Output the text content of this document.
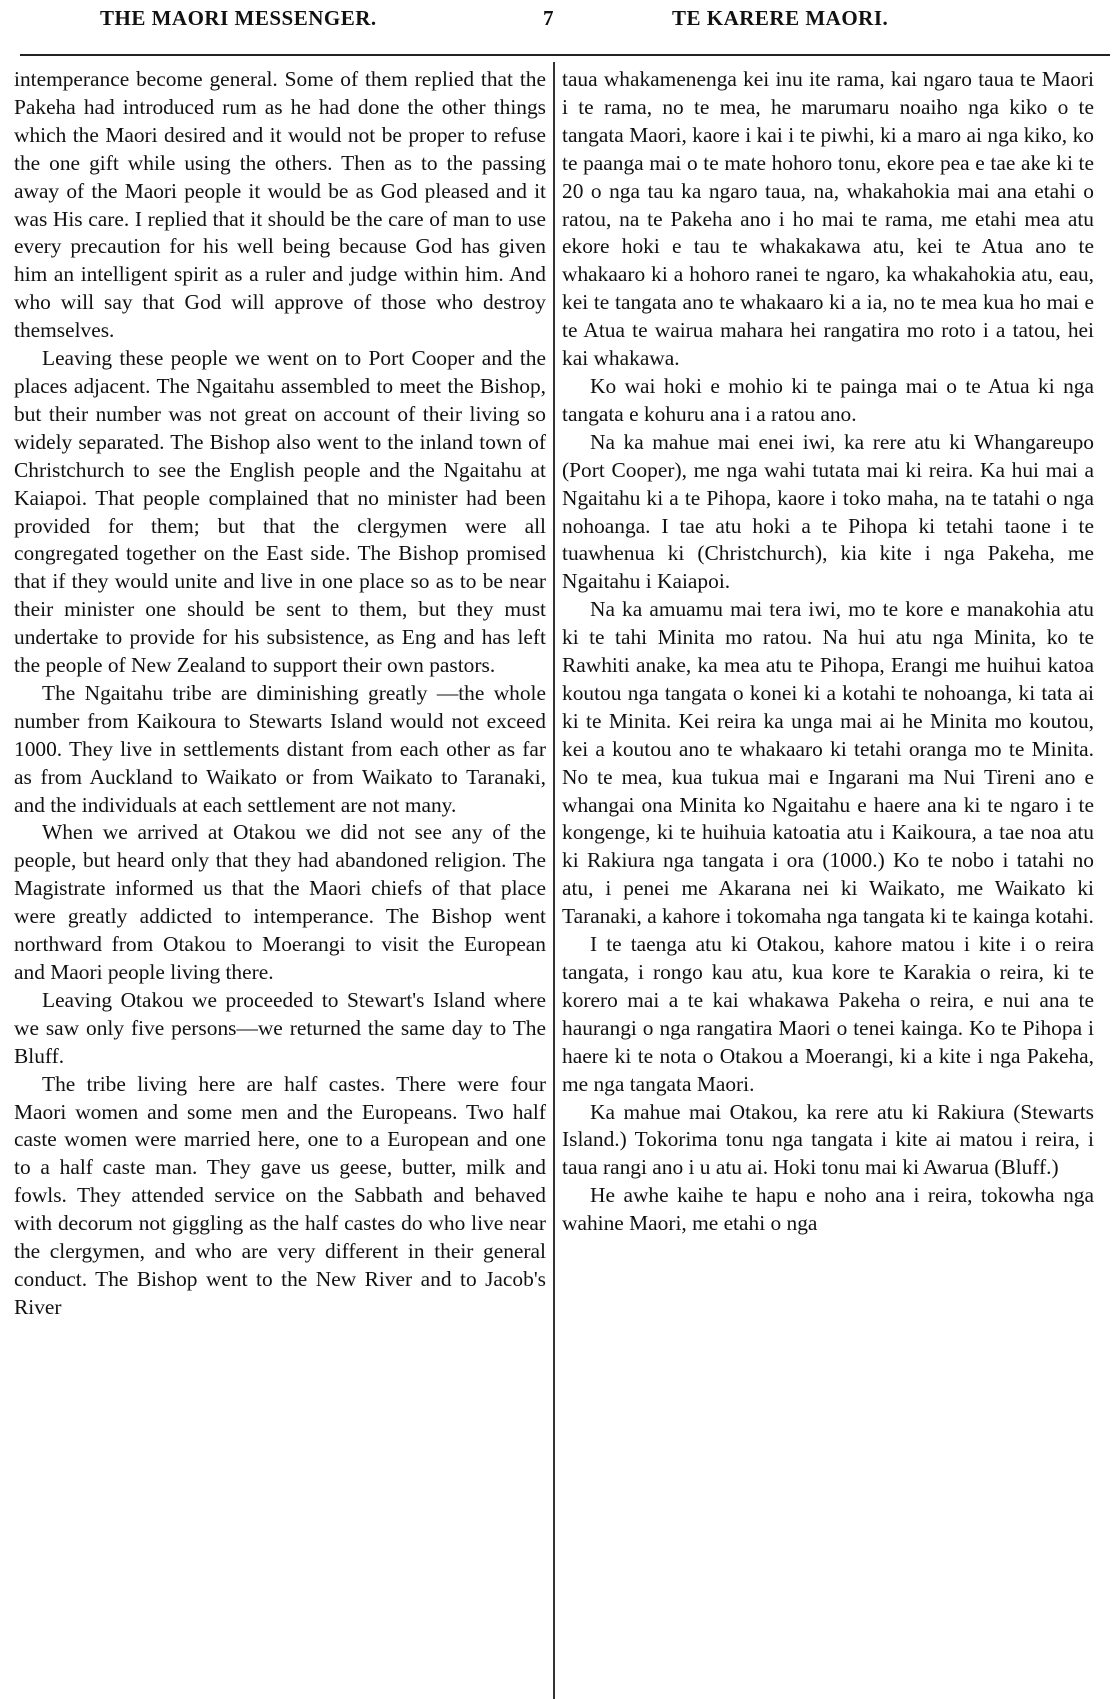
THE MAORI MESSENGER.	7	TE KARERE MAORI.

intemperance become general. Some of them replied that the Pakeha had introduced rum as he had done the other things which the Maori desired and it would not be proper to refuse the one gift while using the others. Then as to the passing away of the Maori people it would be as God pleased and it was His care. I replied that it should be the care of man to use every precaution for his well being because God has given him an intelligent spirit as a ruler and judge within him. And who will say that God will approve of those who destroy themselves.

Leaving these people we went on to Port Cooper and the places adjacent. The Ngaitahu assembled to meet the Bishop, but their number was not great on account of their living so widely separated. The Bishop also went to the inland town of Christchurch to see the English people and the Ngaitahu at Kaiapoi. That people complained that no minister had been provided for them; but that the clergymen were all congregated together on the East side. The Bishop promised that if they would unite and live in one place so as to be near their minister one should be sent to them, but they must undertake to provide for his subsistence, as Eng and has left the people of New Zealand to support their own pastors.

The Ngaitahu tribe are diminishing greatly —the whole number from Kaikoura to Stewarts Island would not exceed 1000. They live in settlements distant from each other as far as from Auckland to Waikato or from Waikato to Taranaki, and the individuals at each settlement are not many.

When we arrived at Otakou we did not see any of the people, but heard only that they had abandoned religion. The Magistrate informed us that the Maori chiefs of that place were greatly addicted to intemperance. The Bishop went northward from Otakou to Moerangi to visit the European and Maori people living there.

Leaving Otakou we proceeded to Stewart's Island where we saw only five persons—we returned the same day to The Bluff.

The tribe living here are half castes. There were four Maori women and some men and the Europeans. Two half caste women were married here, one to a European and one to a half caste man. They gave us geese, butter, milk and fowls. They attended service on the Sabbath and behaved with decorum not giggling as the half castes do who live near the clergymen, and who are very different in their general conduct. The Bishop went to the New River and to Jacob's River

taua whakamenenga kei inu ite rama, kai ngaro taua te Maori i te rama, no te mea, he marumaru noaiho nga kiko o te tangata Maori, kaore i kai i te piwhi, ki a maro ai nga kiko, ko te paanga mai o te mate hohoro tonu, ekore pea e tae ake ki te 20 o nga tau ka ngaro taua, na, whakahokia mai ana etahi o ratou, na te Pakeha ano i ho mai te rama, me etahi mea atu ekore hoki e tau te whakakawa atu, kei te Atua ano te whakaaro ki a hohoro ranei te ngaro, ka whakahokia atu, eau, kei te tangata ano te whakaaro ki a ia, no te mea kua ho mai e te Atua te wairua mahara hei rangatira mo roto i a tatou, hei kai whakawa.

Ko wai hoki e mohio ki te painga mai o te Atua ki nga tangata e kohuru ana i a ratou ano.

Na ka mahue mai enei iwi, ka rere atu ki Whangareupo (Port Cooper), me nga wahi tutata mai ki reira. Ka hui mai a Ngaitahu ki a te Pihopa, kaore i toko maha, na te tatahi o nga nohoanga. I tae atu hoki a te Pihopa ki tetahi taone i te tuawhenua ki (Christchurch), kia kite i nga Pakeha, me Ngaitahu i Kaiapoi.

Na ka amuamu mai tera iwi, mo te kore e manakohia atu ki te tahi Minita mo ratou. Na hui atu nga Minita, ko te Rawhiti anake, ka mea atu te Pihopa, Erangi me huihui katoa koutou nga tangata o konei ki a kotahi te nohoanga, ki tata ai ki te Minita. Kei reira ka unga mai ai he Minita mo koutou, kei a koutou ano te whakaaro ki tetahi oranga mo te Minita. No te mea, kua tukua mai e Ingarani ma Nui Tireni ano e whangai ona Minita ko Ngaitahu e haere ana ki te ngaro i te kongenge, ki te huihuia katoatia atu i Kaikoura, a tae noa atu ki Rakiura nga tangata i ora (1000.) Ko te nobo i tatahi no atu, i penei me Akarana nei ki Waikato, me Waikato ki Taranaki, a kahore i tokomaha nga tangata ki te kainga kotahi.

I te taenga atu ki Otakou, kahore matou i kite i o reira tangata, i rongo kau atu, kua kore te Karakia o reira, ki te korero mai a te kai whakawa Pakeha o reira, e nui ana te haurangi o nga rangatira Maori o tenei kainga. Ko te Pihopa i haere ki te nota o Otakou a Moerangi, ki a kite i nga Pakeha, me nga tangata Maori.

Ka mahue mai Otakou, ka rere atu ki Rakiura (Stewarts Island.) Tokorima tonu nga tangata i kite ai matou i reira, i taua rangi ano i u atu ai. Hoki tonu mai ki Awarua (Bluff.)

He awhe kaihe te hapu e noho ana i reira, tokowha nga wahine Maori, me etahi o nga
